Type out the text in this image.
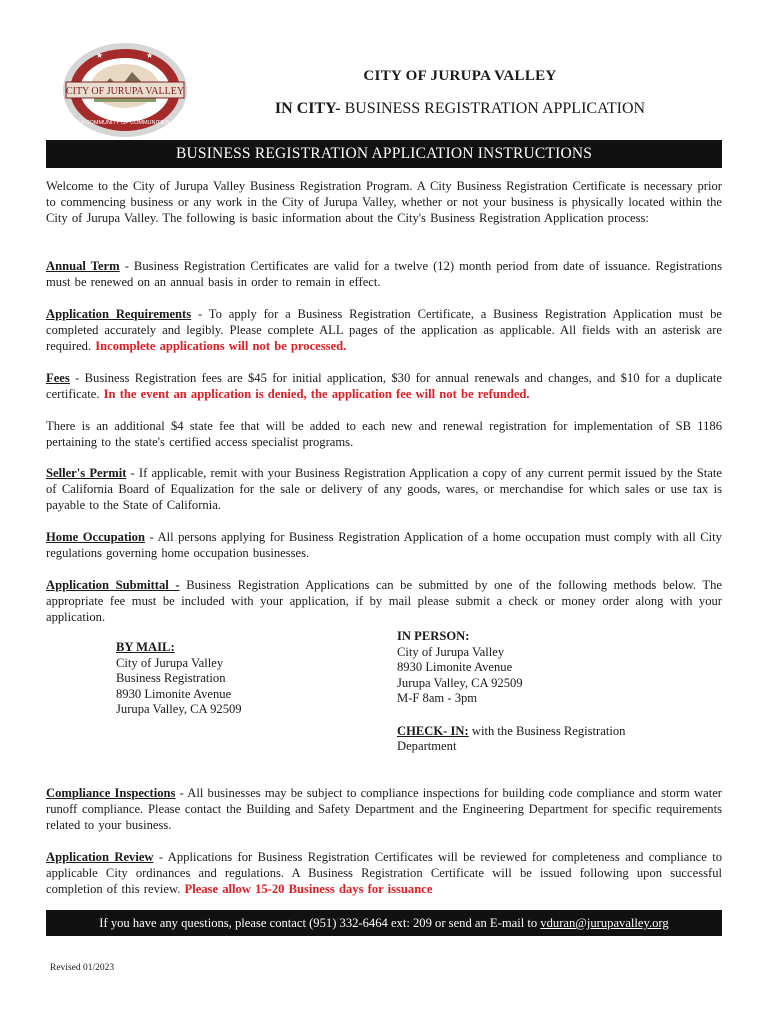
CITY OF JURUPA VALLEY
A COMMUNITY OF COMMUNITIES
★	★
CITY OF JURUPA VALLEY
IN CITY- BUSINESS REGISTRATION APPLICATION
BUSINESS REGISTRATION APPLICATION INSTRUCTIONS

Welcome to the City of Jurupa Valley Business Registration Program. A City Business Registration Certificate is necessary prior to commencing business or any work in the City of Jurupa Valley, whether or not your business is physically located within the City of Jurupa Valley. The following is basic information about the City's Business Registration Application process:

Annual Term - Business Registration Certificates are valid for a twelve (12) month period from date of issuance. Registrations must be renewed on an annual basis in order to remain in effect.

Application Requirements - To apply for a Business Registration Certificate, a Business Registration Application must be completed accurately and legibly. Please complete ALL pages of the application as applicable. All fields with an asterisk are required. Incomplete applications will not be processed.

Fees - Business Registration fees are $45 for initial application, $30 for annual renewals and changes, and $10 for a duplicate certificate. In the event an application is denied, the application fee will not be refunded.

There is an additional $4 state fee that will be added to each new and renewal registration for implementation of SB 1186 pertaining to the state's certified access specialist programs.

Seller's Permit - If applicable, remit with your Business Registration Application a copy of any current permit issued by the State of California Board of Equalization for the sale or delivery of any goods, wares, or merchandise for which sales or use tax is payable to the State of California.

Home Occupation - All persons applying for Business Registration Application of a home occupation must comply with all City regulations governing home occupation businesses.

Application Submittal - Business Registration Applications can be submitted by one of the following methods below. The appropriate fee must be included with your application, if by mail please submit a check or money order along with your application.

BY MAIL:
City of Jurupa Valley
Business Registration
8930 Limonite Avenue
Jurupa Valley, CA 92509
IN PERSON:
City of Jurupa Valley
8930 Limonite Avenue
Jurupa Valley, CA 92509
M-F 8am - 3pm
CHECK- IN: with the Business Registration
Department

Compliance Inspections - All businesses may be subject to compliance inspections for building code compliance and storm water runoff compliance. Please contact the Building and Safety Department and the Engineering Department for specific requirements related to your business.

Application Review - Applications for Business Registration Certificates will be reviewed for completeness and compliance to applicable City ordinances and regulations. A Business Registration Certificate will be issued following upon successful completion of this review. Please allow 15-20 Business days for issuance

If you have any questions, please contact (951) 332-6464 ext: 209 or send an E-mail to vduran@jurupavalley.org
Revised 01/2023
